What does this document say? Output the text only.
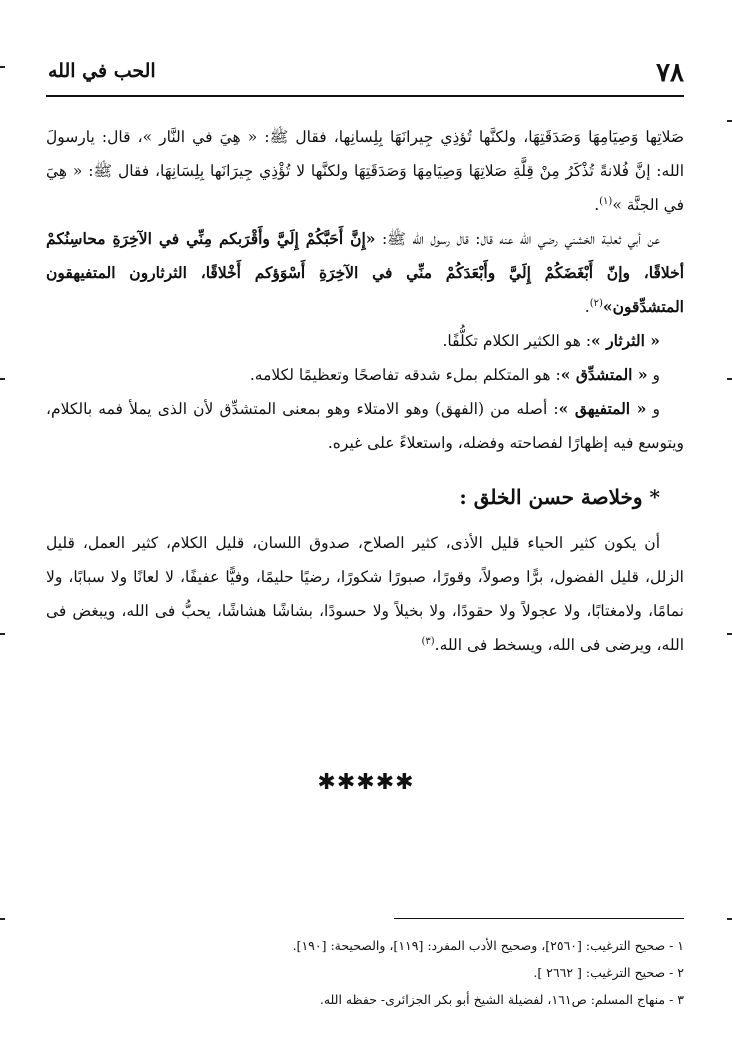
٧٨
الحب في الله

صَلاتِها وَصِيَامِهَا وَصَدَقَتِهَا، ولكنَّها تُؤذِي جِيرانَهَا بِلِسانِها، فقال ﷺ: « هِيَ في النَّار »، قال: يارسولَ الله: إنَّ فُلانةً تُذْكَرُ مِنْ قِلَّةِ صَلاتِهَا وَصِيَامِهَا وَصَدَقَتِهَا ولكنَّها لا تُؤْذِي جِيرَانَها بِلِسَانِهَا، فقال ﷺ: « هِيَ في الجنَّة »$^{(١)}$.

عن أبي ثعلبة الخشني رضي الله عنه قال: قال رسول الله ﷺ: «إِنَّ أَحَبَّكُمْ إِلَيَّ وأَقْرَبكم مِنِّي في الآخِرَةِ محاسِنُكمْ أخلاقًا، وإنّ أَبْغَضَكُمْ إِلَيَّ وأَبْعَدَكُمْ منِّي في الآخِرَةِ أَسْوَؤكم أَخْلاقًا، الثرثارون المتفيهقون المتشدِّقون»$^{(٢)}$.

« الثرثار »: هو الكثير الكلام تكلُّفًا.

و « المتشدِّق »: هو المتكلم بملء شدقه تفاصحًا وتعظيمًا لكلامه.

و « المتفيهق »: أصله من (الفهق) وهو الامتلاء وهو بمعنى المتشدِّق لأن الذى يملأ فمه بالكلام، ويتوسع فيه إظهارًا لفصاحته وفضله، واستعلاءً على غيره.

* وخلاصة حسن الخلق :

أن يكون كثير الحياء قليل الأذى، كثير الصلاح، صدوق اللسان، قليل الكلام، كثير العمل، قليل الزلل، قليل الفضول، برًّا وصولاً، وقورًا، صبورًا شكورًا، رضيًا حليمًا، وفيًّا عفيفًا، لا لعانًا ولا سبابًا، ولا نمامًا، ولامغتابًا، ولا عجولاً ولا حقودًا، ولا بخيلاً ولا حسودًا، بشاشًا هشاشًا، يحبُّ فى الله، ويبغض فى الله، ويرضى فى الله، ويسخط فى الله.$^{(٣)}$

✱✱✱✱✱
١ - صحيح الترغيب: [٢٥٦٠]، وصحيح الأدب المفرد: [١١٩]، والصحيحة: [١٩٠].
٢ - صحيح الترغيب: [ ٢٦٦٢ ].
٣ - منهاج المسلم: ص١٦١، لفضيلة الشيخ أبو بكر الجزائرى- حفظه الله.
